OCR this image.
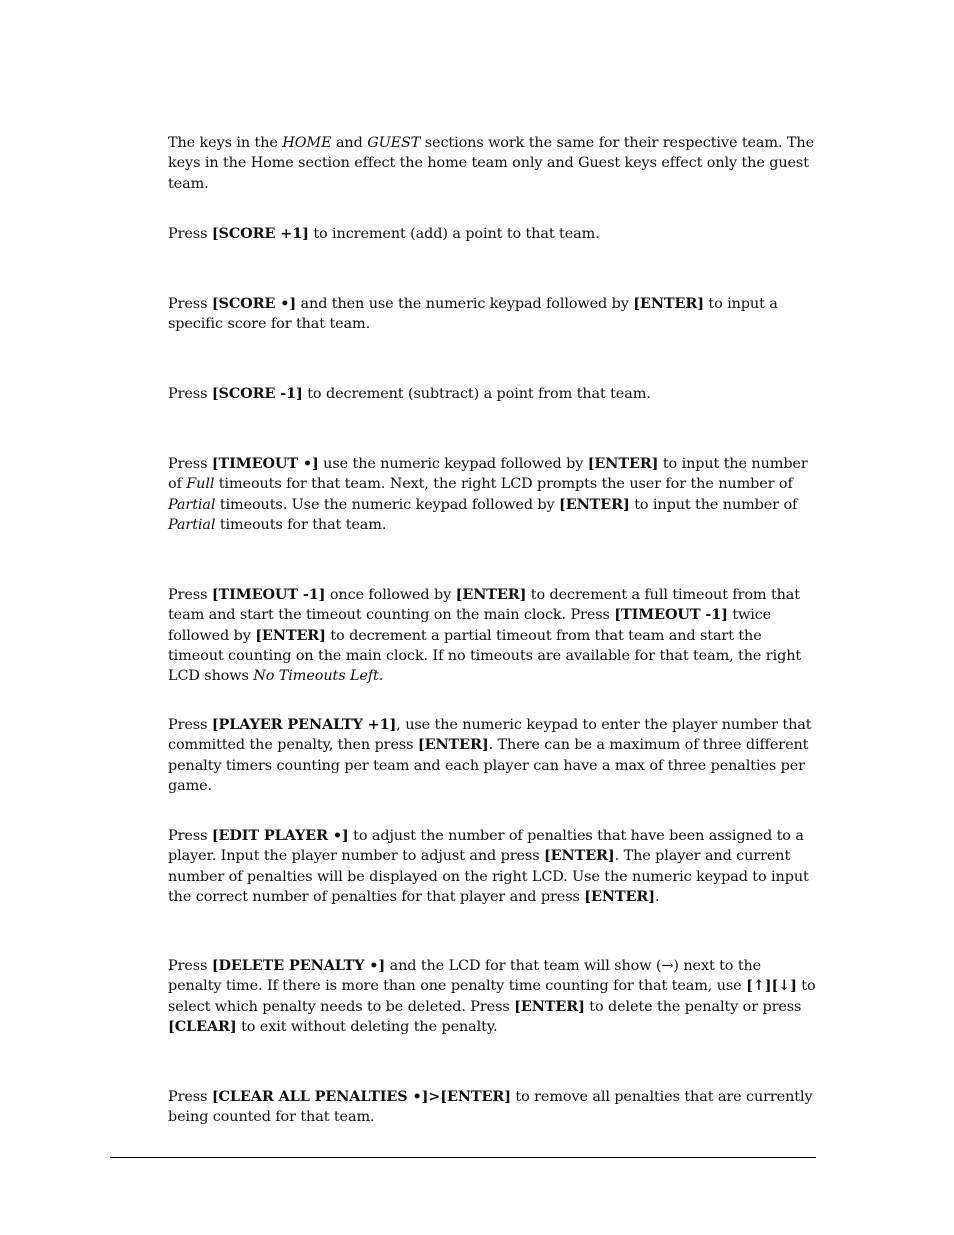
The keys in the HOME and GUEST sections work the same for their respective team. The keys in the Home section effect the home team only and Guest keys effect only the guest team.

Press [SCORE +1] to increment (add) a point to that team.

Press [SCORE •] and then use the numeric keypad followed by [ENTER] to input a specific score for that team.

Press [SCORE -1] to decrement (subtract) a point from that team.

Press [TIMEOUT •] use the numeric keypad followed by [ENTER] to input the number of Full timeouts for that team. Next, the right LCD prompts the user for the number of Partial timeouts. Use the numeric keypad followed by [ENTER] to input the number of Partial timeouts for that team.

Press [TIMEOUT -1] once followed by [ENTER] to decrement a full timeout from that team and start the timeout counting on the main clock. Press [TIMEOUT -1] twice followed by [ENTER] to decrement a partial timeout from that team and start the timeout counting on the main clock. If no timeouts are available for that team, the right LCD shows No Timeouts Left.

Press [PLAYER PENALTY +1], use the numeric keypad to enter the player number that committed the penalty, then press [ENTER]. There can be a maximum of three different penalty timers counting per team and each player can have a max of three penalties per game.

Press [EDIT PLAYER •] to adjust the number of penalties that have been assigned to a player. Input the player number to adjust and press [ENTER]. The player and current number of penalties will be displayed on the right LCD. Use the numeric keypad to input the correct number of penalties for that player and press [ENTER].

Press [DELETE PENALTY •] and the LCD for that team will show (→) next to the penalty time. If there is more than one penalty time counting for that team, use [↑][↓] to select which penalty needs to be deleted. Press [ENTER] to delete the penalty or press [CLEAR] to exit without deleting the penalty.

Press [CLEAR ALL PENALTIES •]>[ENTER] to remove all penalties that are currently being counted for that team.
